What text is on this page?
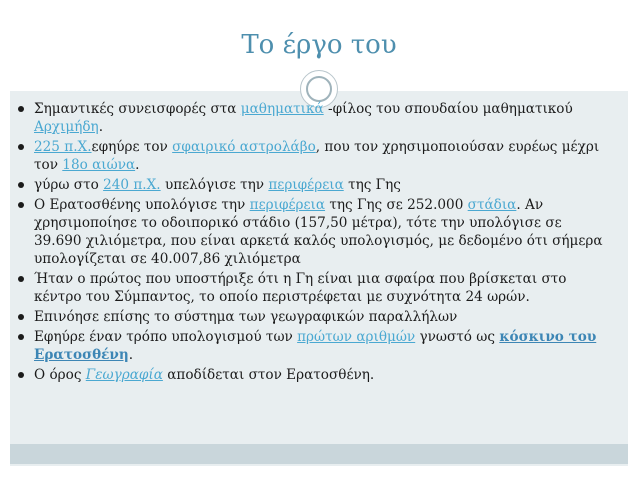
Το έργο του
Σημαντικές συνεισφορές στα μαθηματικά -φίλος του σπουδαίου μαθηματικού Αρχιμήδη.
225 π.Χ.εφηύρε τον σφαιρικό αστρολάβο, που τον χρησιμοποιούσαν ευρέως μέχρι τον 18ο αιώνα.
γύρω στο 240 π.Χ. υπελόγισε την περιφέρεια της Γης
Ο Ερατοσθένης υπολόγισε την περιφέρεια της Γης σε 252.000 στάδια. Αν χρησιμοποίησε το οδοιπορικό στάδιο (157,50 μέτρα), τότε την υπολόγισε σε 39.690 χιλιόμετρα, που είναι αρκετά καλός υπολογισμός, με δεδομένο ότι σήμερα υπολογίζεται σε 40.007,86 χιλιόμετρα
Ήταν ο πρώτος που υποστήριξε ότι η Γη είναι μια σφαίρα που βρίσκεται στο κέντρο του Σύμπαντος, το οποίο περιστρέφεται με συχνότητα 24 ωρών.
Επινόησε επίσης το σύστημα των γεωγραφικών παραλλήλων
Εφηύρε έναν τρόπο υπολογισμού των πρώτων αριθμών γνωστό ως κόσκινο του Ερατοσθένη.
Ο όρος Γεωγραφία αποδίδεται στον Ερατοσθένη.
